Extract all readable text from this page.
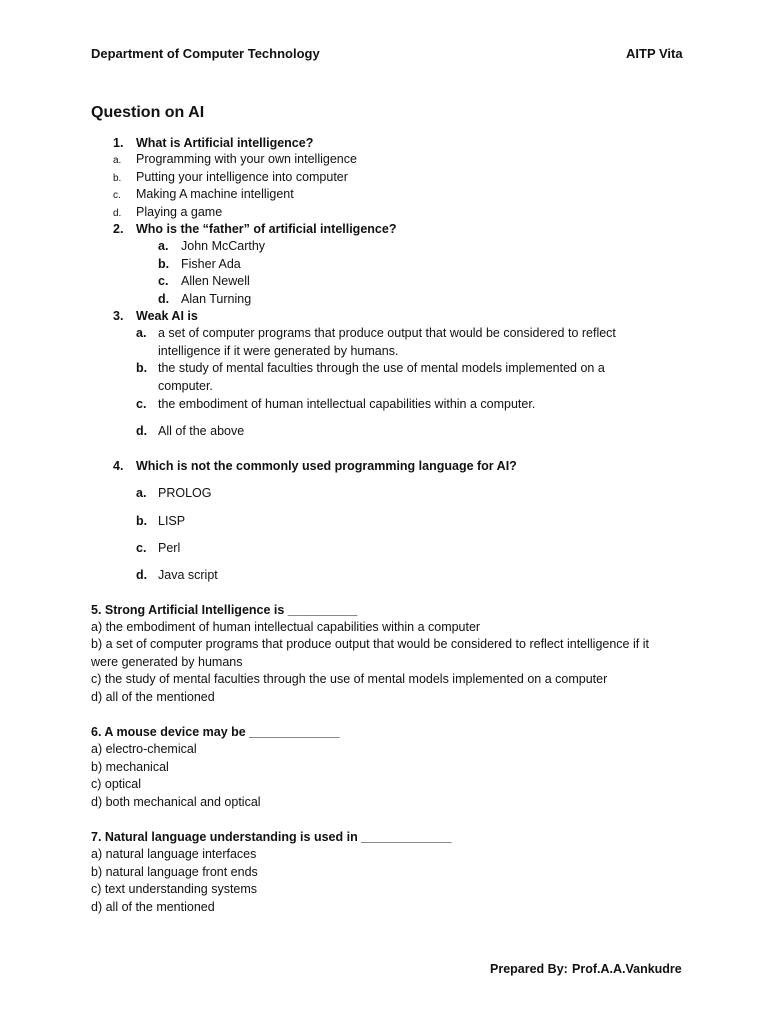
Department of Computer Technology	AITP Vita
Question on AI
1. What is Artificial intelligence?
a. Programming with your own intelligence
b. Putting your intelligence into computer
c. Making A machine intelligent
d. Playing a game
2. Who is the “father” of artificial intelligence?
a. John McCarthy
b. Fisher Ada
c. Allen Newell
d. Alan Turning
3. Weak AI is
a. a set of computer programs that produce output that would be considered to reflect
intelligence if it were generated by humans.
b. the study of mental faculties through the use of mental models implemented on a
computer.
c. the embodiment of human intellectual capabilities within a computer.
d. All of the above
4. Which is not the commonly used programming language for AI?
a. PROLOG
b. LISP
c. Perl
d. Java script
5. Strong Artificial Intelligence is __________
a) the embodiment of human intellectual capabilities within a computer
b) a set of computer programs that produce output that would be considered to reflect intelligence if it
were generated by humans
c) the study of mental faculties through the use of mental models implemented on a computer
d) all of the mentioned
6. A mouse device may be _____________
a) electro-chemical
b) mechanical
c) optical
d) both mechanical and optical
7. Natural language understanding is used in _____________
a) natural language interfaces
b) natural language front ends
c) text understanding systems
d) all of the mentioned
Prepared By: Prof.A.A.Vankudre
